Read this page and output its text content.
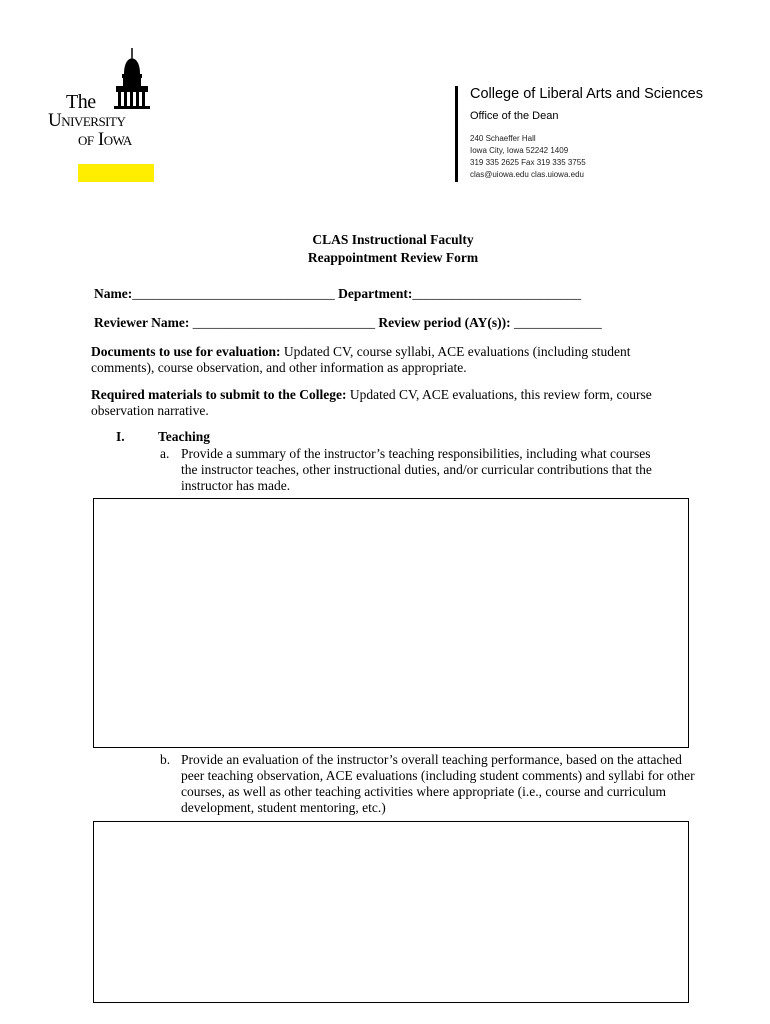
The
University
of Iowa
College of Liberal Arts and Sciences
Office of the Dean
240 Schaeffer Hall
Iowa City, Iowa 52242 1409
319 335 2625 Fax 319 335 3755
clas@uiowa.edu clas.uiowa.edu
CLAS Instructional Faculty
Reappointment Review Form
Name:______________________________ Department:_________________________
Reviewer Name: ___________________________ Review period (AY(s)): _____________
Documents to use for evaluation: Updated CV, course syllabi, ACE evaluations (including student comments), course observation, and other information as appropriate.
Required materials to submit to the College: Updated CV, ACE evaluations, this review form, course observation narrative.
I. Teaching
a. Provide a summary of the instructor’s teaching responsibilities, including what courses the instructor teaches, other instructional duties, and/or curricular contributions that the instructor has made.
b. Provide an evaluation of the instructor’s overall teaching performance, based on the attached peer teaching observation, ACE evaluations (including student comments) and syllabi for other courses, as well as other teaching activities where appropriate (i.e., course and curriculum development, student mentoring, etc.)
